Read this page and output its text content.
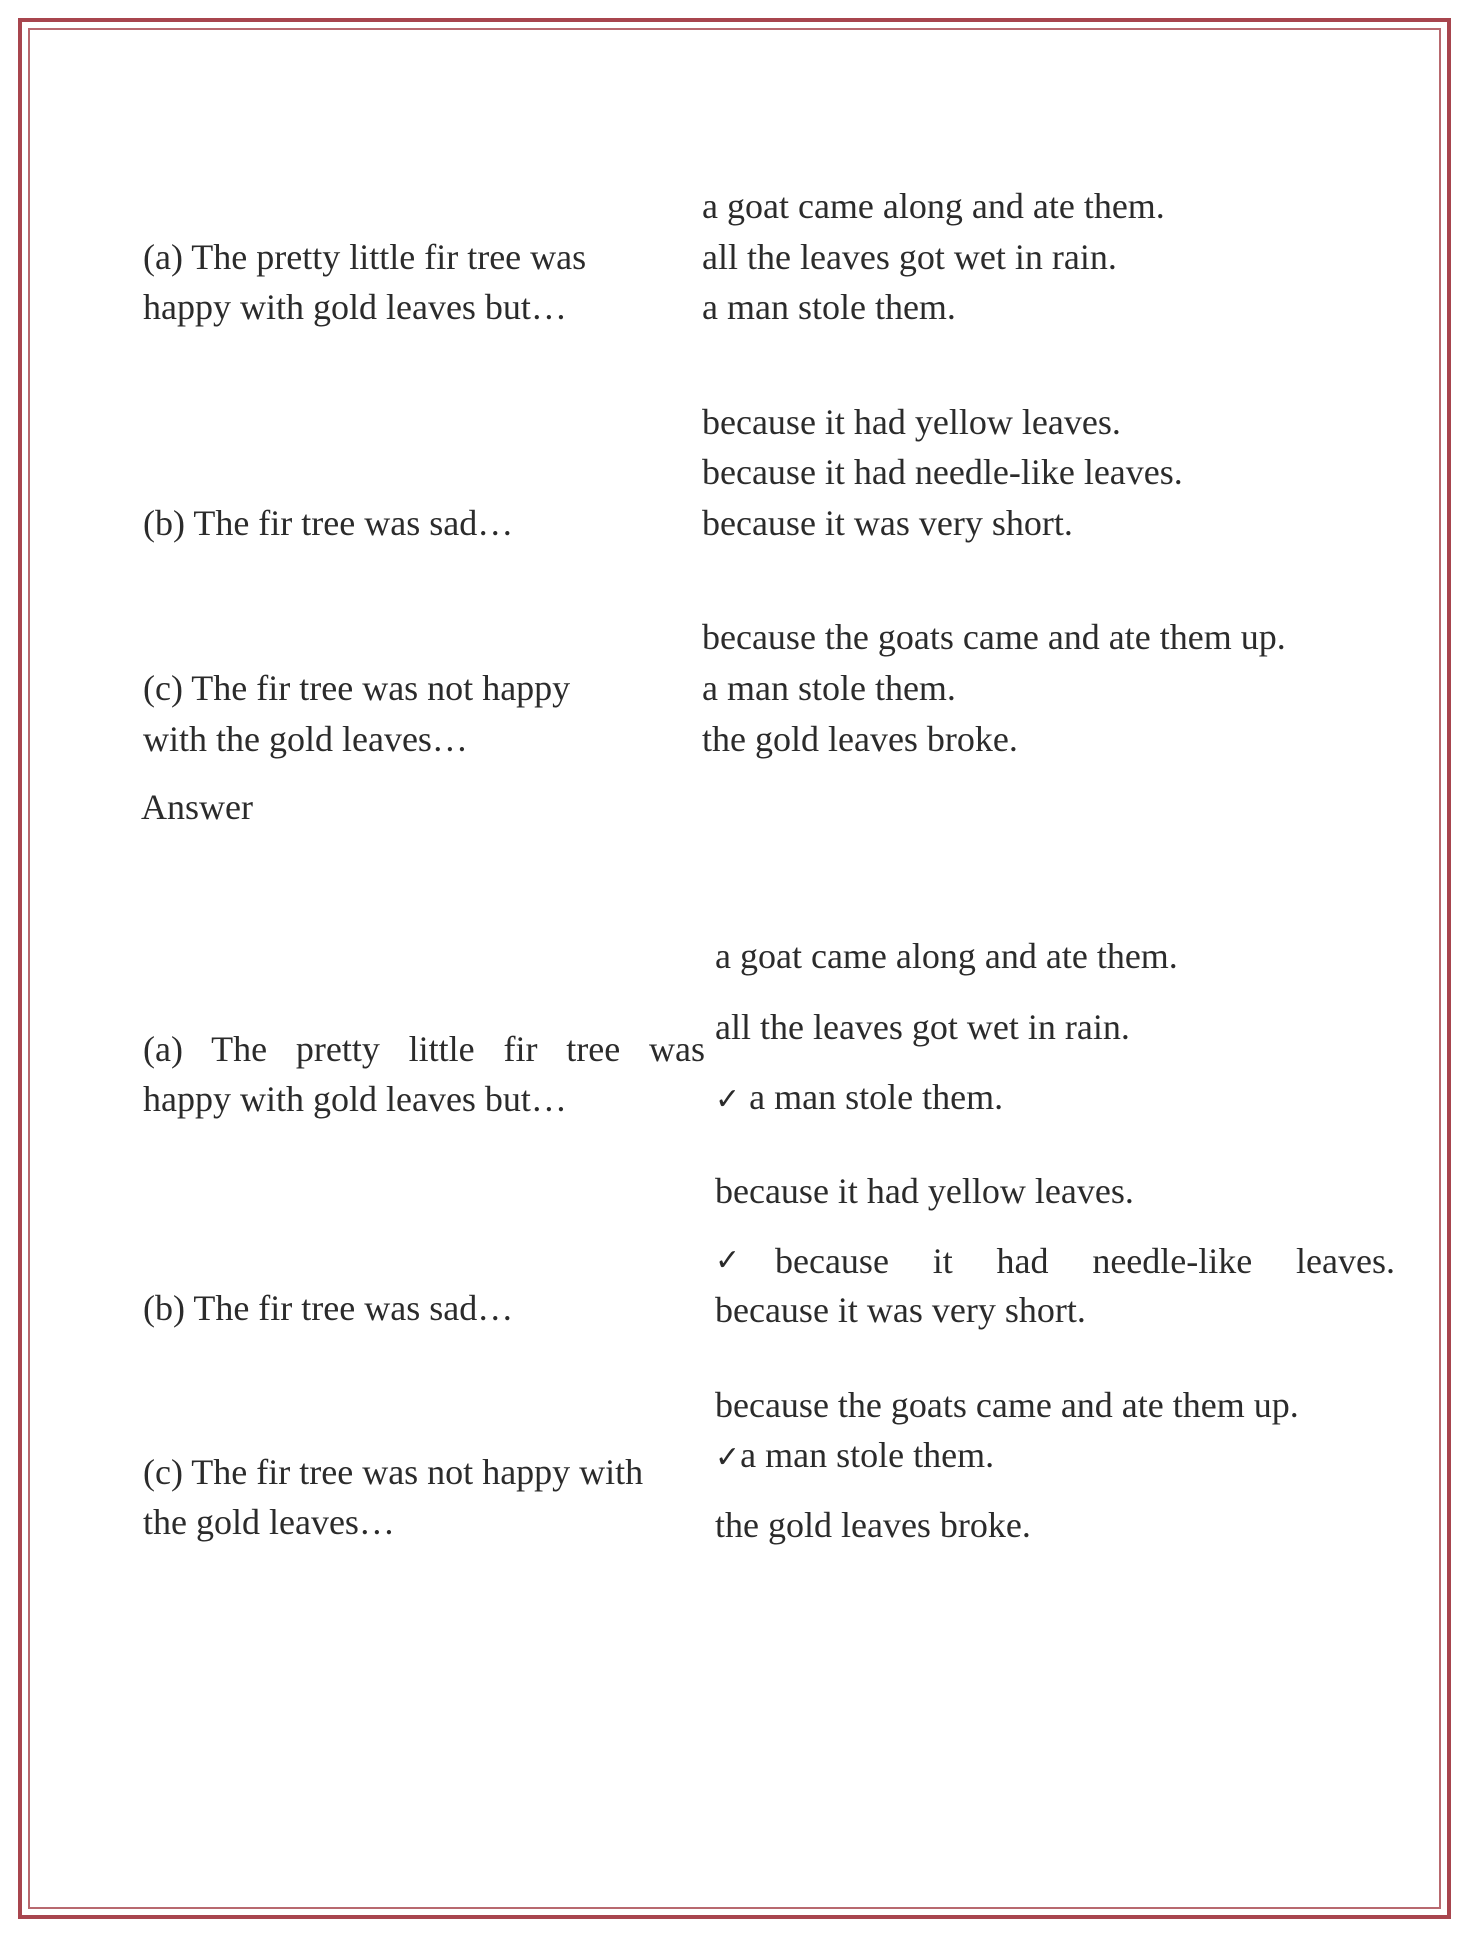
(a) The pretty little fir tree was
happy with gold leaves but…
a goat came along and ate them.
all the leaves got wet in rain.
a man stole them.
(b) The fir tree was sad…
because it had yellow leaves.
because it had needle-like leaves.
because it was very short.
(c) The fir tree was not happy
with the gold leaves…
because the goats came and ate them up.
a man stole them.
the gold leaves broke.
Answer
(a) The pretty little fir tree was
happy with gold leaves but…
a goat came along and ate them.
all the leaves got wet in rain.
✓ a man stole them.
(b) The fir tree was sad…
because it had yellow leaves.
✓ because it had needle-like leaves.
because it was very short.
(c) The fir tree was not happy with
the gold leaves…
because the goats came and ate them up.
✓a man stole them.
the gold leaves broke.
